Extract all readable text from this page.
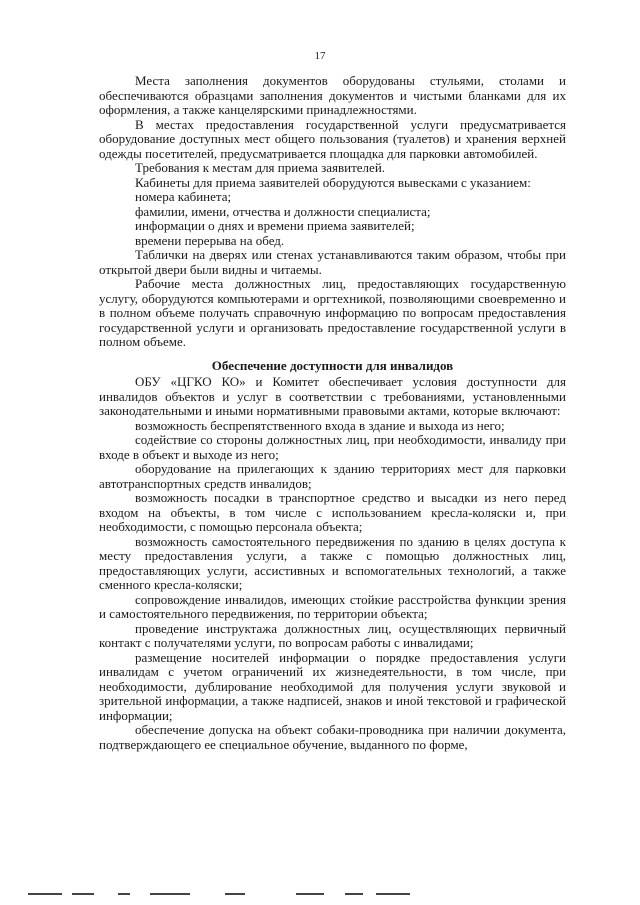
17

Места заполнения документов оборудованы стульями, столами и обеспечиваются образцами заполнения документов и чистыми бланками для их оформления, а также канцелярскими принадлежностями.

В местах предоставления государственной услуги предусматривается оборудование доступных мест общего пользования (туалетов) и хранения верхней одежды посетителей, предусматривается площадка для парковки автомобилей.

Требования к местам для приема заявителей.

Кабинеты для приема заявителей оборудуются вывесками с указанием:

номера кабинета;

фамилии, имени, отчества и должности специалиста;

информации о днях и времени приема заявителей;

времени перерыва на обед.

Таблички на дверях или стенах устанавливаются таким образом, чтобы при открытой двери были видны и читаемы.

Рабочие места должностных лиц, предоставляющих государственную услугу, оборудуются компьютерами и оргтехникой, позволяющими своевременно и в полном объеме получать справочную информацию по вопросам предоставления государственной услуги и организовать предоставление государственной услуги в полном объеме.

Обеспечение доступности для инвалидов

ОБУ «ЦГКО КО» и Комитет обеспечивает условия доступности для инвалидов объектов и услуг в соответствии с требованиями, установленными законодательными и иными нормативными правовыми актами, которые включают:

возможность беспрепятственного входа в здание и выхода из него;

содействие со стороны должностных лиц, при необходимости, инвалиду при входе в объект и выходе из него;

оборудование на прилегающих к зданию территориях мест для парковки автотранспортных средств инвалидов;

возможность посадки в транспортное средство и высадки из него перед входом на объекты, в том числе с использованием кресла-коляски и, при необходимости, с помощью персонала объекта;

возможность самостоятельного передвижения по зданию в целях доступа к месту предоставления услуги, а также с помощью должностных лиц, предоставляющих услуги, ассистивных и вспомогательных технологий, а также сменного кресла-коляски;

сопровождение инвалидов, имеющих стойкие расстройства функции зрения и самостоятельного передвижения, по территории объекта;

проведение инструктажа должностных лиц, осуществляющих первичный контакт с получателями услуги, по вопросам работы с инвалидами;

размещение носителей информации о порядке предоставления услуги инвалидам с учетом ограничений их жизнедеятельности, в том числе, при необходимости, дублирование необходимой для получения услуги звуковой и зрительной информации, а также надписей, знаков и иной текстовой и графической информации;

обеспечение допуска на объект собаки-проводника при наличии документа, подтверждающего ее специальное обучение, выданного по форме,
